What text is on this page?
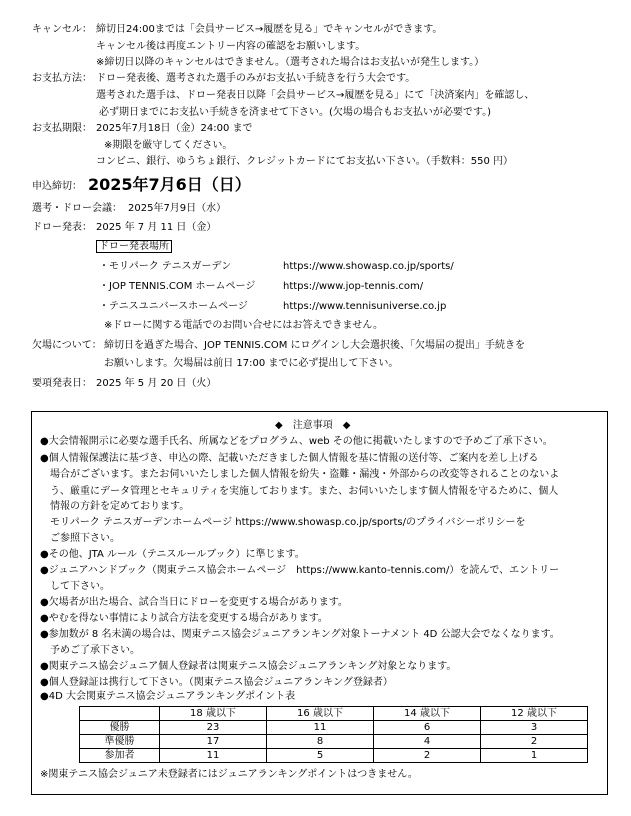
キャンセル： 締切日24:00までは「会員サービス→履歴を見る」でキャンセルができます。
キャンセル後は再度エントリー内容の確認をお願いします。
※締切日以降のキャンセルはできません。（選考された場合はお支払いが発生します。）
お支払方法： ドロー発表後、選考された選手のみがお支払い手続きを行う大会です。
選考された選手は、ドロー発表日以降「会員サービス→履歴を見る」にて「決済案内」を確認し、
必ず期日までにお支払い手続きを済ませて下さい。(欠場の場合もお支払いが必要です。)
お支払期限： 2025年7月18日（金）24:00 まで
※期限を厳守してください。
コンビニ、銀行、ゆうちょ銀行、クレジットカードにてお支払い下さい。（手数料：550 円）
申込締切： 2025年7月6日（日）
選考・ドロー会議： 2025年7月9日（水）
ドロー発表： 2025 年 7 月 11 日（金）
ドロー発表場所
・モリパーク テニスガーデン	https://www.showasp.co.jp/sports/
・JOP TENNIS.COM ホームページ	https://www.jop-tennis.com/
・テニスユニバースホームページ	https://www.tennisuniverse.co.jp
※ドローに関する電話でのお問い合せにはお答えできません。
欠場について： 締切日を過ぎた場合、JOP TENNIS.COM にログインし大会選択後、「欠場届の提出」手続きを
お願いします。欠場届は前日 17:00 までに必ず提出して下さい。
要項発表日： 2025 年 5 月 20 日（火）
◆　注意事項　◆
●大会情報開示に必要な選手氏名、所属などをプログラム、web その他に掲載いたしますので予めご了承下さい。
●個人情報保護法に基づき、申込の際、記載いただきました個人情報を基に情報の送付等、ご案内を差し上げる
　場合がございます。またお伺いいたしました個人情報を紛失・盗難・漏洩・外部からの改変等されることのないよ
　う、厳重にデータ管理とセキュリティを実施しております。また、お伺いいたします個人情報を守るために、個人
　情報の方針を定めております。
　モリパーク テニスガーデンホームページ https://www.showasp.co.jp/sports/のプライバシーポリシーを
　ご参照下さい。
●その他、JTA ルール（テニスルールブック）に準じます。
●ジュニアハンドブック（関東テニス協会ホームページ　https://www.kanto-tennis.com/）を読んで、エントリー
　して下さい。
●欠場者が出た場合、試合当日にドローを変更する場合があります。
●やむを得ない事情により試合方法を変更する場合があります。
●参加数が 8 名未満の場合は、関東テニス協会ジュニアランキング対象トーナメント 4D 公認大会でなくなります。
　予めご了承下さい。
●関東テニス協会ジュニア個人登録者は関東テニス協会ジュニアランキング対象となります。
●個人登録証は携行して下さい。（関東テニス協会ジュニアランキング登録者）
●4D 大会関東テニス協会ジュニアランキングポイント表
	18 歳以下	16 歳以下	14 歳以下	12 歳以下
優勝	23	11	6	3
準優勝	17	8	4	2
参加者	11	5	2	1
※関東テニス協会ジュニア未登録者にはジュニアランキングポイントはつきません。
